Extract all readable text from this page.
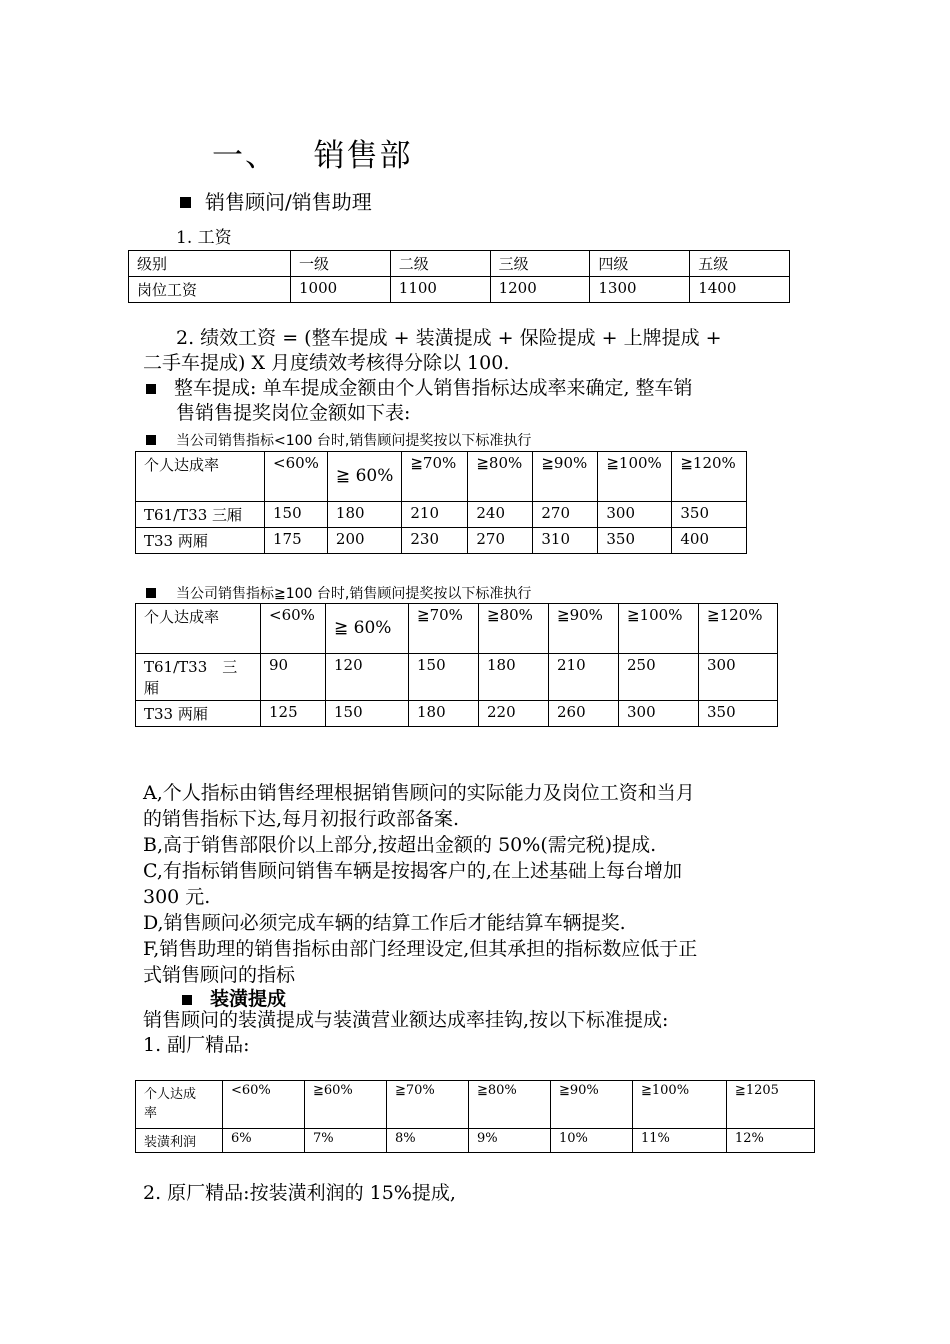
一、 销售部
销售顾问/销售助理
1. 工资
级别	一级	二级	三级	四级	五级
岗位工资	1000	1100	1200	1300	1400
2. 绩效工资 = (整车提成 + 装潢提成 + 保险提成 + 上牌提成 +
二手车提成) X 月度绩效考核得分除以 100.
整车提成: 单车提成金额由个人销售指标达成率来确定, 整车销
售销售提奖岗位金额如下表:
当公司销售指标<100 台时,销售顾问提奖按以下标准执行
个人达成率	<60%	≧ 60%	≧70%	≧80%	≧90%	≧100%	≧120%
T61/T33 三厢	150	180	210	240	270	300	350
T33 两厢	175	200	230	270	310	350	400
当公司销售指标≧100 台时,销售顾问提奖按以下标准执行
个人达成率	<60%	≧ 60%	≧70%	≧80%	≧90%	≧100%	≧120%
T61/T33　三
厢	90	120	150	180	210	250	300
T33 两厢	125	150	180	220	260	300	350
A,个人指标由销售经理根据销售顾问的实际能力及岗位工资和当月
的销售指标下达,每月初报行政部备案.
B,高于销售部限价以上部分,按超出金额的 50%(需完税)提成.
C,有指标销售顾问销售车辆是按揭客户的,在上述基础上每台增加
300 元.
D,销售顾问必须完成车辆的结算工作后才能结算车辆提奖.
F,销售助理的销售指标由部门经理设定,但其承担的指标数应低于正
式销售顾问的指标
装潢提成
销售顾问的装潢提成与装潢营业额达成率挂钩,按以下标准提成:
1. 副厂精品:
个人达成
率	<60%	≧60%	≧70%	≧80%	≧90%	≧100%	≧1205
装潢利润	6%	7%	8%	9%	10%	11%	12%
2. 原厂精品:按装潢利润的 15%提成,
